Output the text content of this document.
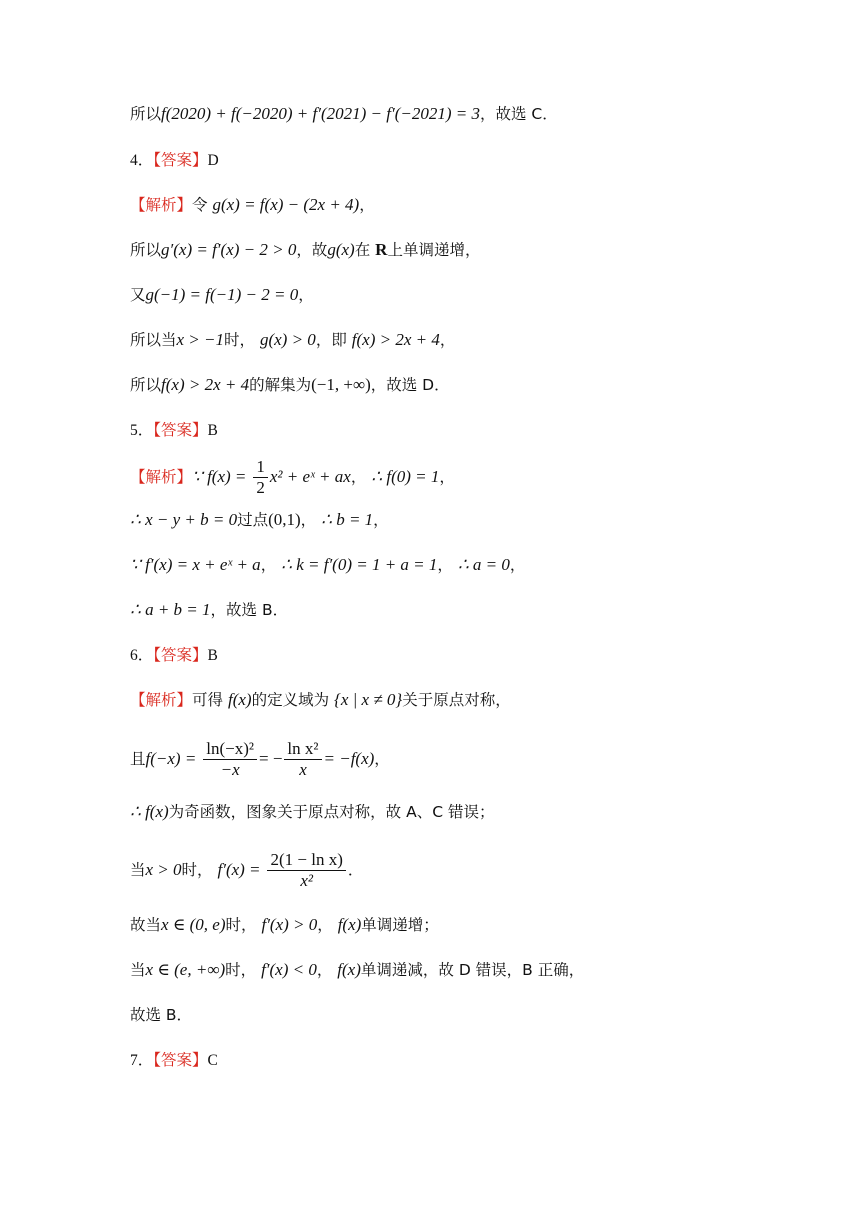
所以f(2020) + f(−2020) + f′(2021) − f′(−2021) = 3，故选 C．
4．【答案】D
【解析】令 g(x) = f(x) − (2x + 4)，
所以g′(x) = f′(x) − 2 > 0，故g(x)在 R上单调递增，
又g(−1) = f(−1) − 2 = 0，
所以当x > −1时， g(x) > 0，即 f(x) > 2x + 4，
所以f(x) > 2x + 4的解集为(−1, +∞)，故选 D．
5．【答案】B
【解析】∵ $f(x) = \frac{1}{2} x^2$ + eˣ + ax， ∴ f(0) = 1，
∴ x − y + b = 0过点(0,1)， ∴ b = 1，
∵ f′(x) = x + eˣ + a， ∴ k = f′(0) = 1 + a = 1， ∴ a = 0，
∴ a + b = 1，故选 B．
6．【答案】B
【解析】可得 f(x)的定义域为 {x | x ≠ 0}关于原点对称，
且$f(-x) = \frac{\text{ln(−x)²}}{-x}$ = − $\frac{\text{ln x²}}{x} = -f(x)$，
∴ f(x)为奇函数，图象关于原点对称，故 A、C 错误；
当x > 0时， $f'(x) = \frac{\text{2(1 − ln x)}}{\text{x²}}$ ．
故当x ∈ (0, e)时， f′(x) > 0， f(x)单调递增；
当x ∈ (e, +∞)时， f′(x) < 0， f(x)单调递减，故 D 错误，B 正确，
故选 B．
7．【答案】C
